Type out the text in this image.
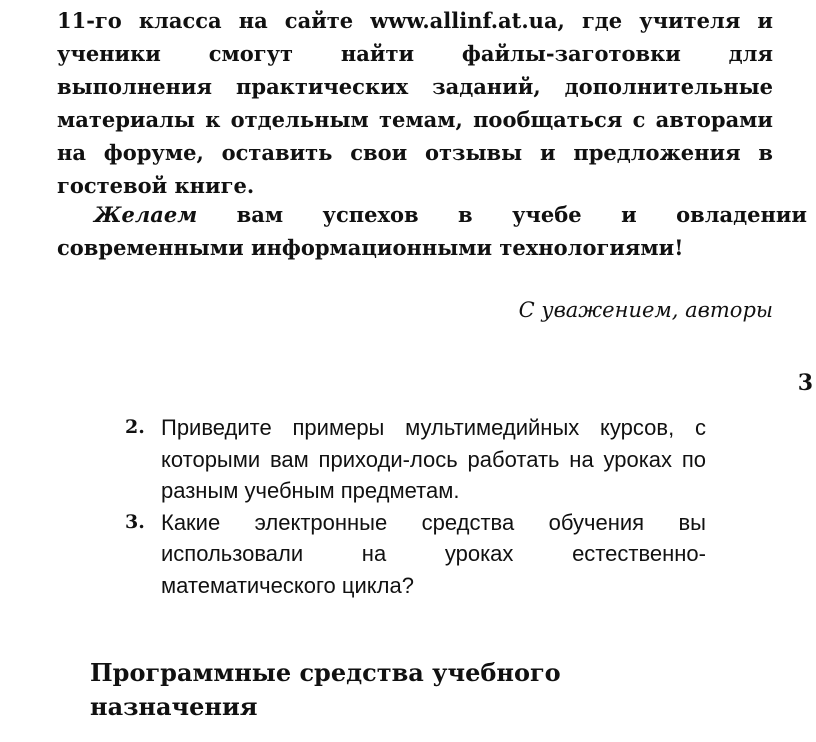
11-го класса на сайте www.allinf.at.ua, где учителя и ученики смогут найти файлы-заготовки для выполнения практических заданий, дополнительные материалы к отдельным темам, пообщаться с авторами на форуме, оставить свои отзывы и предложения в гостевой книге.

Желаем вам успехов в учебе и овладении современными информационными технологиями!

С уважением, авторы

3

2. Приведите примеры мультимедийных курсов, с которыми вам приходи-лось работать на уроках по разным учебным предметам.
3. Какие электронные средства обучения вы использовали на уроках естественно-математического цикла?
Программные средства учебного
назначения
